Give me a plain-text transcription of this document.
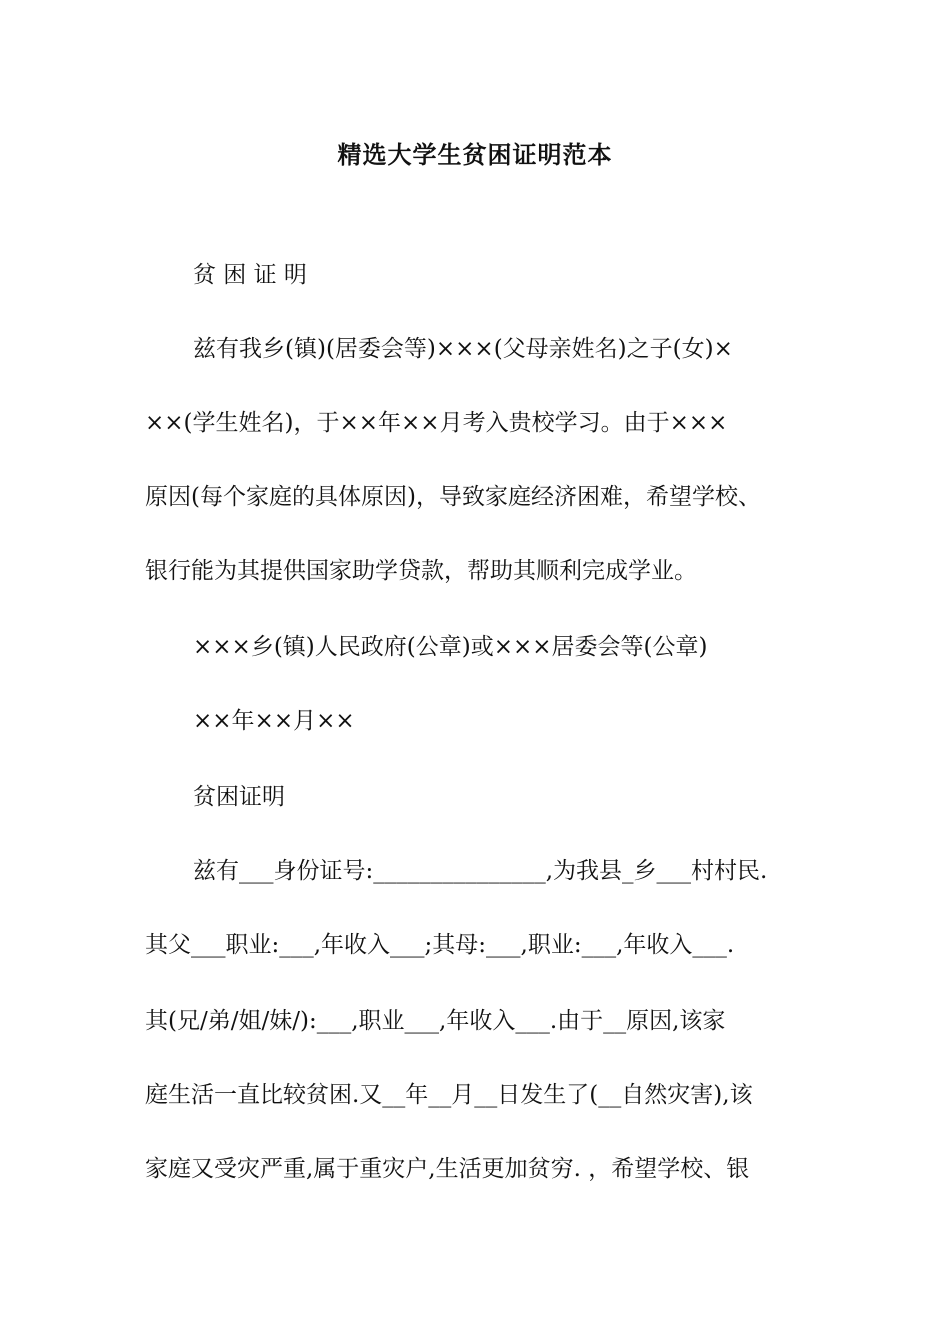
精选大学生贫困证明范本
贫 困 证 明
兹有我乡(镇)(居委会等)×××(父母亲姓名)之子(女)×
××(学生姓名)，于××年××月考入贵校学习。由于×××
原因(每个家庭的具体原因)，导致家庭经济困难，希望学校、
银行能为其提供国家助学贷款，帮助其顺利完成学业。
×××乡(镇)人民政府(公章)或×××居委会等(公章)
××年××月××
贫困证明
兹有___身份证号:_______________,为我县_乡___村村民.
其父___职业:___,年收入___;其母:___,职业:___,年收入___.
其(兄/弟/姐/妹/):___,职业___,年收入___.由于__原因,该家
庭生活一直比较贫困.又__年__月__日发生了(__自然灾害),该
家庭又受灾严重,属于重灾户,生活更加贫穷. ，希望学校、银
